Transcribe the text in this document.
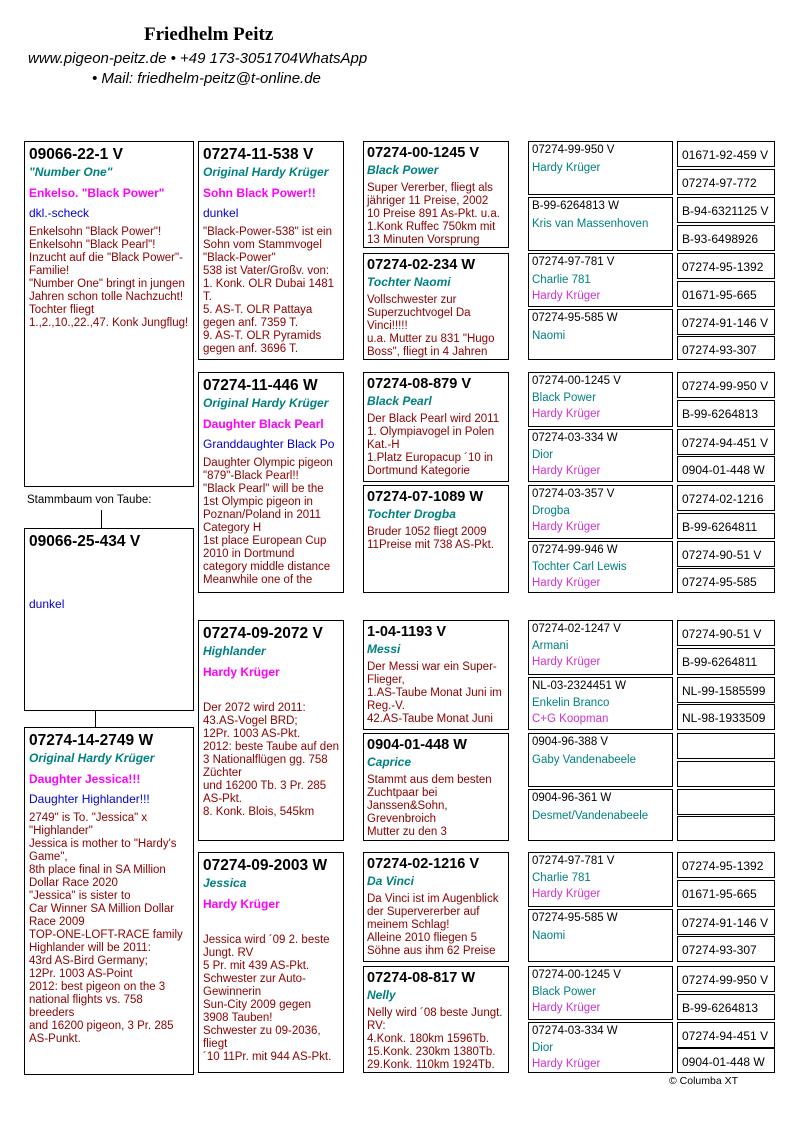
Friedhelm Peitz
www.pigeon-peitz.de • +49 173-3051704WhatsApp
• Mail: friedhelm-peitz@t-online.de
09066-22-1 V
"Number One"
Enkelso. "Black Power"
dkl.-scheck
Enkelsohn "Black Power"!
Enkelsohn "Black Pearl"!
Inzucht auf die "Black Power"-Familie!
"Number One" bringt in jungen Jahren schon tolle Nachzucht!
Tochter fliegt
1.,2.,10.,22.,47. Konk Jungflug!
Stammbaum von Taube:
09066-25-434 V
dunkel
07274-14-2749 W
Original Hardy Krüger
Daughter Jessica!!!
Daughter Highlander!!!
2749" is To. "Jessica" x "Highlander"
Jessica is mother to "Hardy's Game",
8th place final in SA Million Dollar Race 2020
"Jessica" is sister to
Car Winner SA Million Dollar Race 2009
TOP-ONE-LOFT-RACE family
Highlander will be 2011:
43rd AS-Bird Germany;
12Pr. 1003 AS-Point
2012: best pigeon on the 3 national flights vs. 758 breeders
and 16200 pigeon, 3 Pr. 285 AS-Punkt.
07274-11-538 V
Original Hardy Krüger
Sohn Black Power!!
dunkel
"Black-Power-538" ist ein Sohn vom Stammvogel "Black-Power"
538 ist Vater/Großv. von:
1. Konk. OLR Dubai 1481 T.
5. AS-T. OLR Pattaya gegen anf. 7359 T.
9. AS-T. OLR Pyramids gegen anf. 3696 T.
07274-11-446 W
Original Hardy Krüger
Daughter Black Pearl
Granddaughter Black Po
Daughter Olympic pigeon "879"-Black Pearl!!
"Black Pearl" will be the 1st Olympic pigeon in Poznan/Poland in 2011 Category H
1st place European Cup 2010 in Dortmund category middle distance
Meanwhile one of the
07274-09-2072 V
Highlander
Hardy Krüger
Der 2072 wird 2011:
43.AS-Vogel BRD;
12Pr. 1003 AS-Pkt.
2012: beste Taube auf den
3 Nationalflügen gg. 758 Züchter
und 16200 Tb. 3 Pr. 285 AS-Pkt.
8. Konk. Blois, 545km
07274-09-2003 W
Jessica
Hardy Krüger
Jessica wird ´09 2. beste Jungt. RV
5 Pr. mit 439 AS-Pkt.
Schwester zur Auto-Gewinnerin
Sun-City 2009 gegen 3908 Tauben!
Schwester zu 09-2036, fliegt
´10 11Pr. mit 944 AS-Pkt.
07274-00-1245 V
Black Power
Super Vererber, fliegt als jähriger 11 Preise, 2002
10 Preise 891 As-Pkt. u.a.
1.Konk Ruffec 750km mit 13 Minuten Vorsprung
07274-02-234 W
Tochter Naomi
Vollschwester zur Superzuchtvogel Da Vinci!!!!!
u.a. Mutter zu 831 "Hugo Boss", fliegt in 4 Jahren
07274-08-879 V
Black Pearl
Der Black Pearl wird 2011
1. Olympiavogel in Polen Kat.-H
1.Platz Europacup ´10 in Dortmund Kategorie
07274-07-1089 W
Tochter Drogba
Bruder 1052 fliegt 2009
11Preise mit 738 AS-Pkt.
1-04-1193 V
Messi
Der Messi war ein Super-Flieger,
1.AS-Taube Monat Juni im Reg.-V.
42.AS-Taube Monat Juni
0904-01-448 W
Caprice
Stammt aus dem besten Zuchtpaar bei Janssen&Sohn, Grevenbroich
Mutter zu den 3
07274-02-1216 V
Da Vinci
Da Vinci ist im Augenblick der Supervererber auf meinem Schlag!
Alleine 2010 fliegen 5 Söhne aus ihm 62 Preise
07274-08-817 W
Nelly
Nelly wird ´08 beste Jungt. RV:
4.Konk. 180km 1596Tb.
15.Konk. 230km 1380Tb.
29.Konk. 110km 1924Tb.
07274-99-950 V
Hardy Krüger
B-99-6264813 W
Kris van Massenhoven
07274-97-781 V
Charlie 781
Hardy Krüger
07274-95-585 W
Naomi
07274-00-1245 V
Black Power
Hardy Krüger
07274-03-334 W
Dior
Hardy Krüger
07274-03-357 V
Drogba
Hardy Krüger
07274-99-946 W
Tochter Carl Lewis
Hardy Krüger
07274-02-1247 V
Armani
Hardy Krüger
NL-03-2324451 W
Enkelin Branco
C+G Koopman
0904-96-388 V
Gaby Vandenabeele
0904-96-361 W
Desmet/Vandenabeele
07274-97-781 V
Charlie 781
Hardy Krüger
07274-95-585 W
Naomi
07274-00-1245 V
Black Power
Hardy Krüger
07274-03-334 W
Dior
Hardy Krüger
01671-92-459 V
07274-97-772
B-94-6321125 V
B-93-6498926
07274-95-1392
01671-95-665
07274-91-146 V
07274-93-307
07274-99-950 V
B-99-6264813
07274-94-451 V
0904-01-448 W
07274-02-1216
B-99-6264811
07274-90-51 V
07274-95-585
07274-90-51 V
B-99-6264811
NL-99-1585599
NL-98-1933509
07274-95-1392
01671-95-665
07274-91-146 V
07274-93-307
07274-99-950 V
B-99-6264813
07274-94-451 V
0904-01-448 W
© Columba XT
